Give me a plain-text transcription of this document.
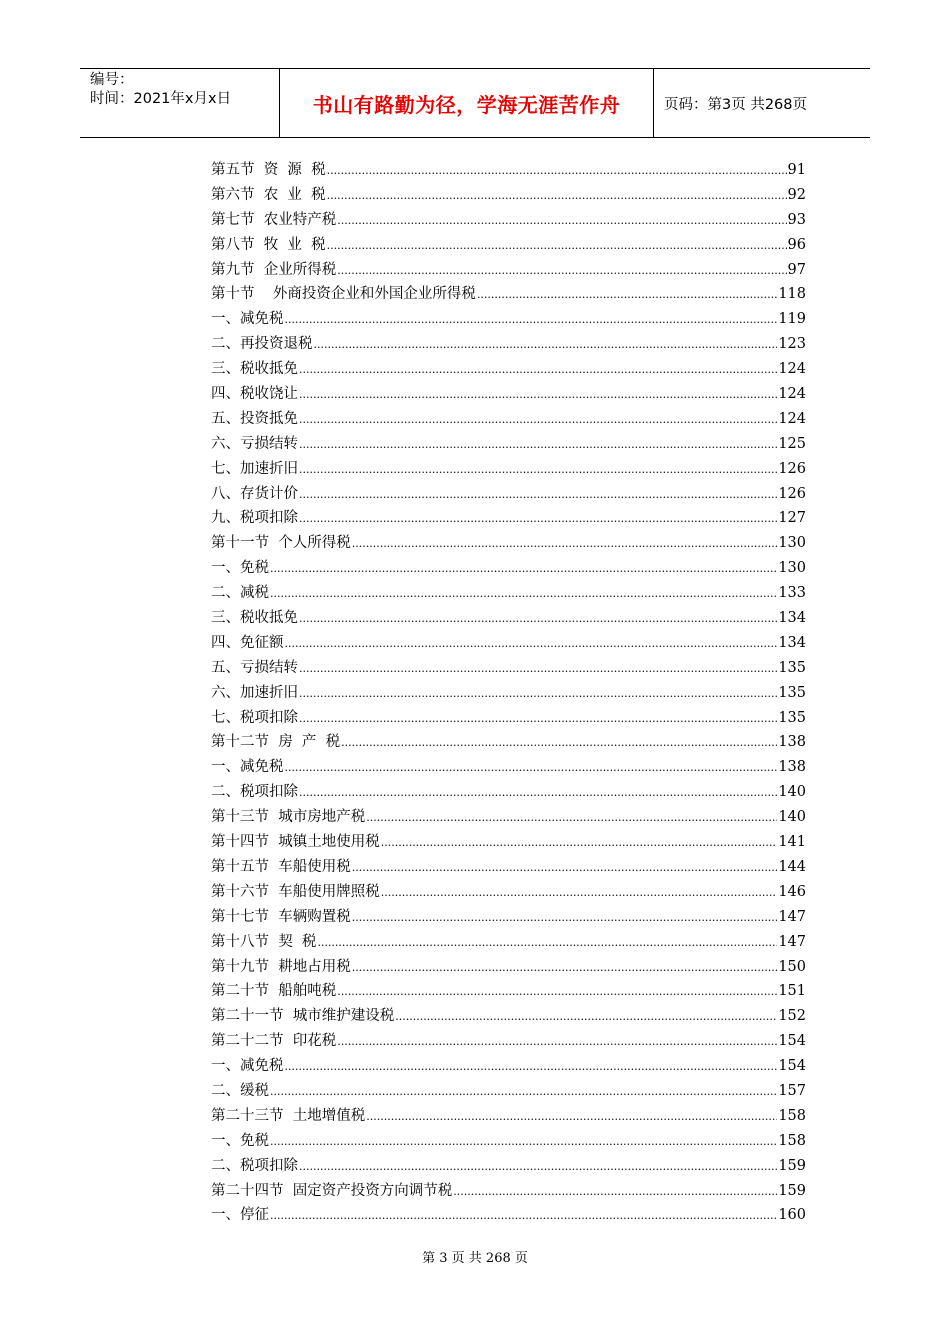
编号：
时间：2021年x月x日	书山有路勤为径，学海无涯苦作舟	页码：第3页 共268页
第五节  资  源  税 .....	91
第六节  农  业  税 .....	92
第七节  农业特产税 .....	93
第八节  牧  业  税 .....	96
第九节  企业所得税 .....	97
第十节    外商投资企业和外国企业所得税 .....	118
一、减免税 .....	119
二、再投资退税 .....	123
三、税收抵免 .....	124
四、税收饶让 .....	124
五、投资抵免 .....	124
六、亏损结转 .....	125
七、加速折旧 .....	126
八、存货计价 .....	126
九、税项扣除 .....	127
第十一节  个人所得税 .....	130
一、免税 .....	130
二、减税 .....	133
三、税收抵免 .....	134
四、免征额 .....	134
五、亏损结转 .....	135
六、加速折旧 .....	135
七、税项扣除 .....	135
第十二节  房  产  税 .....	138
一、减免税 .....	138
二、税项扣除 .....	140
第十三节  城市房地产税 .....	140
第十四节  城镇土地使用税 .....	141
第十五节  车船使用税 .....	144
第十六节  车船使用牌照税 .....	146
第十七节  车辆购置税 .....	147
第十八节  契  税 .....	147
第十九节  耕地占用税 .....	150
第二十节  船舶吨税 .....	151
第二十一节  城市维护建设税 .....	152
第二十二节  印花税 .....	154
一、减免税 .....	154
二、缓税 .....	157
第二十三节  土地增值税 .....	158
一、免税 .....	158
二、税项扣除 .....	159
第二十四节  固定资产投资方向调节税 .....	159
一、停征 .....	160
第 3 页 共 268 页
